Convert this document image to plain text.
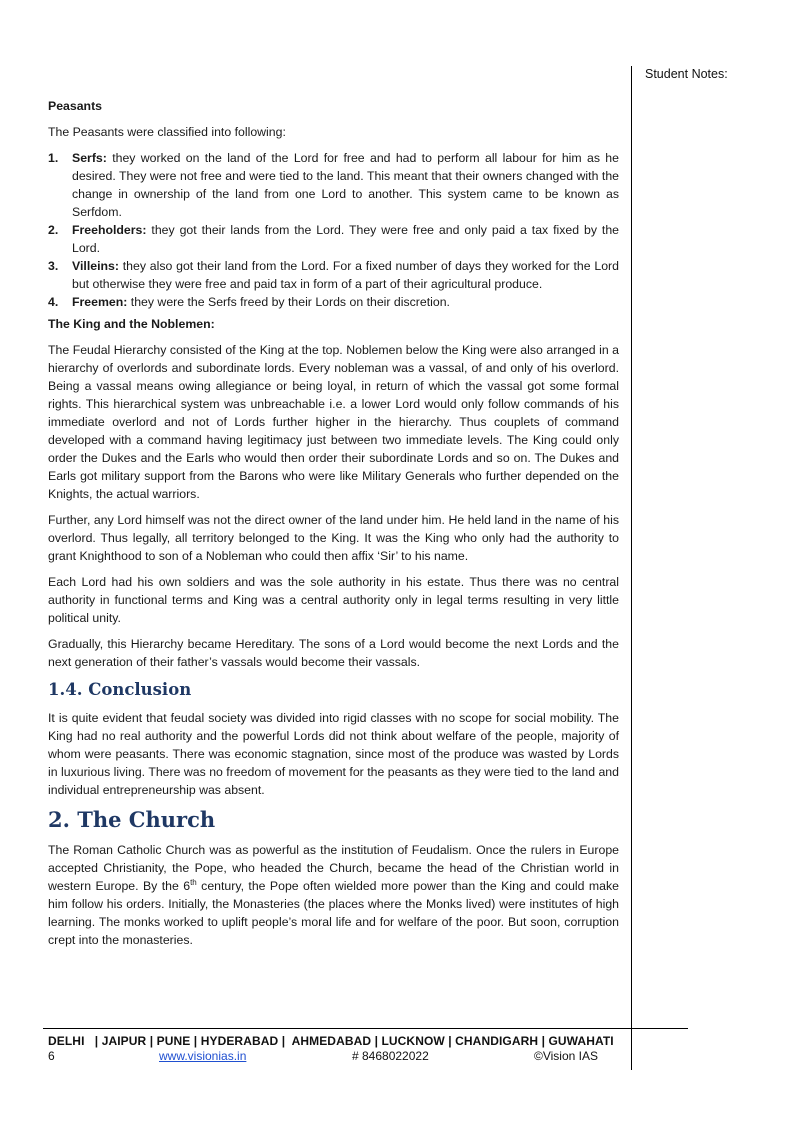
Student Notes:
Peasants

The Peasants were classified into following:

1. Serfs: they worked on the land of the Lord for free and had to perform all labour for him as he desired. They were not free and were tied to the land. This meant that their owners changed with the change in ownership of the land from one Lord to another. This system came to be known as Serfdom.
2. Freeholders: they got their lands from the Lord. They were free and only paid a tax fixed by the Lord.
3. Villeins: they also got their land from the Lord. For a fixed number of days they worked for the Lord but otherwise they were free and paid tax in form of a part of their agricultural produce.
4. Freemen: they were the Serfs freed by their Lords on their discretion.
The King and the Noblemen:

The Feudal Hierarchy consisted of the King at the top. Noblemen below the King were also arranged in a hierarchy of overlords and subordinate lords. Every nobleman was a vassal, of and only of his overlord. Being a vassal means owing allegiance or being loyal, in return of which the vassal got some formal rights. This hierarchical system was unbreachable i.e. a lower Lord would only follow commands of his immediate overlord and not of Lords further higher in the hierarchy. Thus couplets of command developed with a command having legitimacy just between two immediate levels. The King could only order the Dukes and the Earls who would then order their subordinate Lords and so on. The Dukes and Earls got military support from the Barons who were like Military Generals who further depended on the Knights, the actual warriors.

Further, any Lord himself was not the direct owner of the land under him. He held land in the name of his overlord. Thus legally, all territory belonged to the King. It was the King who only had the authority to grant Knighthood to son of a Nobleman who could then affix ‘Sir’ to his name.

Each Lord had his own soldiers and was the sole authority in his estate. Thus there was no central authority in functional terms and King was a central authority only in legal terms resulting in very little political unity.

Gradually, this Hierarchy became Hereditary. The sons of a Lord would become the next Lords and the next generation of their father’s vassals would become their vassals.

1.4. Conclusion

It is quite evident that feudal society was divided into rigid classes with no scope for social mobility. The King had no real authority and the powerful Lords did not think about welfare of the people, majority of whom were peasants. There was economic stagnation, since most of the produce was wasted by Lords in luxurious living. There was no freedom of movement for the peasants as they were tied to the land and individual entrepreneurship was absent.

2. The Church

The Roman Catholic Church was as powerful as the institution of Feudalism. Once the rulers in Europe accepted Christianity, the Pope, who headed the Church, became the head of the Christian world in western Europe. By the 6th century, the Pope often wielded more power than the King and could make him follow his orders. Initially, the Monasteries (the places where the Monks lived) were institutes of high learning. The monks worked to uplift people’s moral life and for welfare of the poor. But soon, corruption crept into the monasteries.

DELHI   | JAIPUR | PUNE | HYDERABAD |  AHMEDABAD | LUCKNOW | CHANDIGARH | GUWAHATI
6	www.visionias.in	# 8468022022	©Vision IAS
